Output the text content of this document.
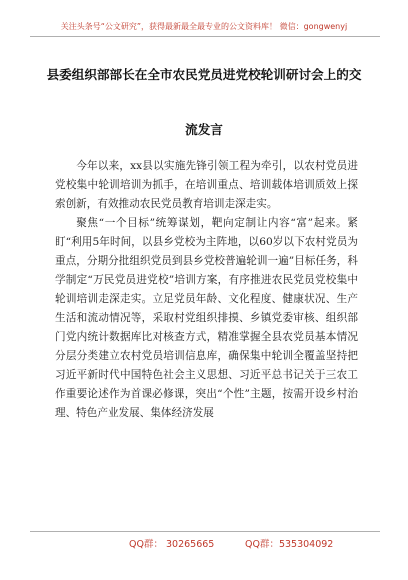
关注头条号“公文研究”，获得最新最全最专业的公文资料库！ 微信：gongwenyj
县委组织部部长在全市农民党员进党校轮训研讨会上的交
流发言

今年以来，xx县以实施先锋引领工程为牵引，以农村党员进党校集中轮训培训为抓手，在培训重点、培训载体培训质效上探索创新，有效推动农民党员教育培训走深走实。

聚焦“一个目标”统筹谋划，靶向定制让内容“富”起来。紧盯“利用5年时间，以县乡党校为主阵地，以60岁以下农村党员为重点，分期分批组织党员到县乡党校普遍轮训一遍”目标任务，科学制定“万民党员进党校”培训方案，有序推进农民党员党校集中轮训培训走深走实。立足党员年龄、文化程度、健康状况、生产生活和流动情况等，采取村党组织排摸、乡镇党委审核、组织部门党内统计数据库比对核查方式，精准掌握全县农党员基本情况分层分类建立农村党员培训信息库，确保集中轮训全覆盖坚持把习近平新时代中国特色社会主义思想、习近平总书记关于三农工作重要论述作为首课必修课，突出“个性”主题，按需开设乡村治理、特色产业发展、集体经济发展

QQ群： 30265665	QQ群：535304092
